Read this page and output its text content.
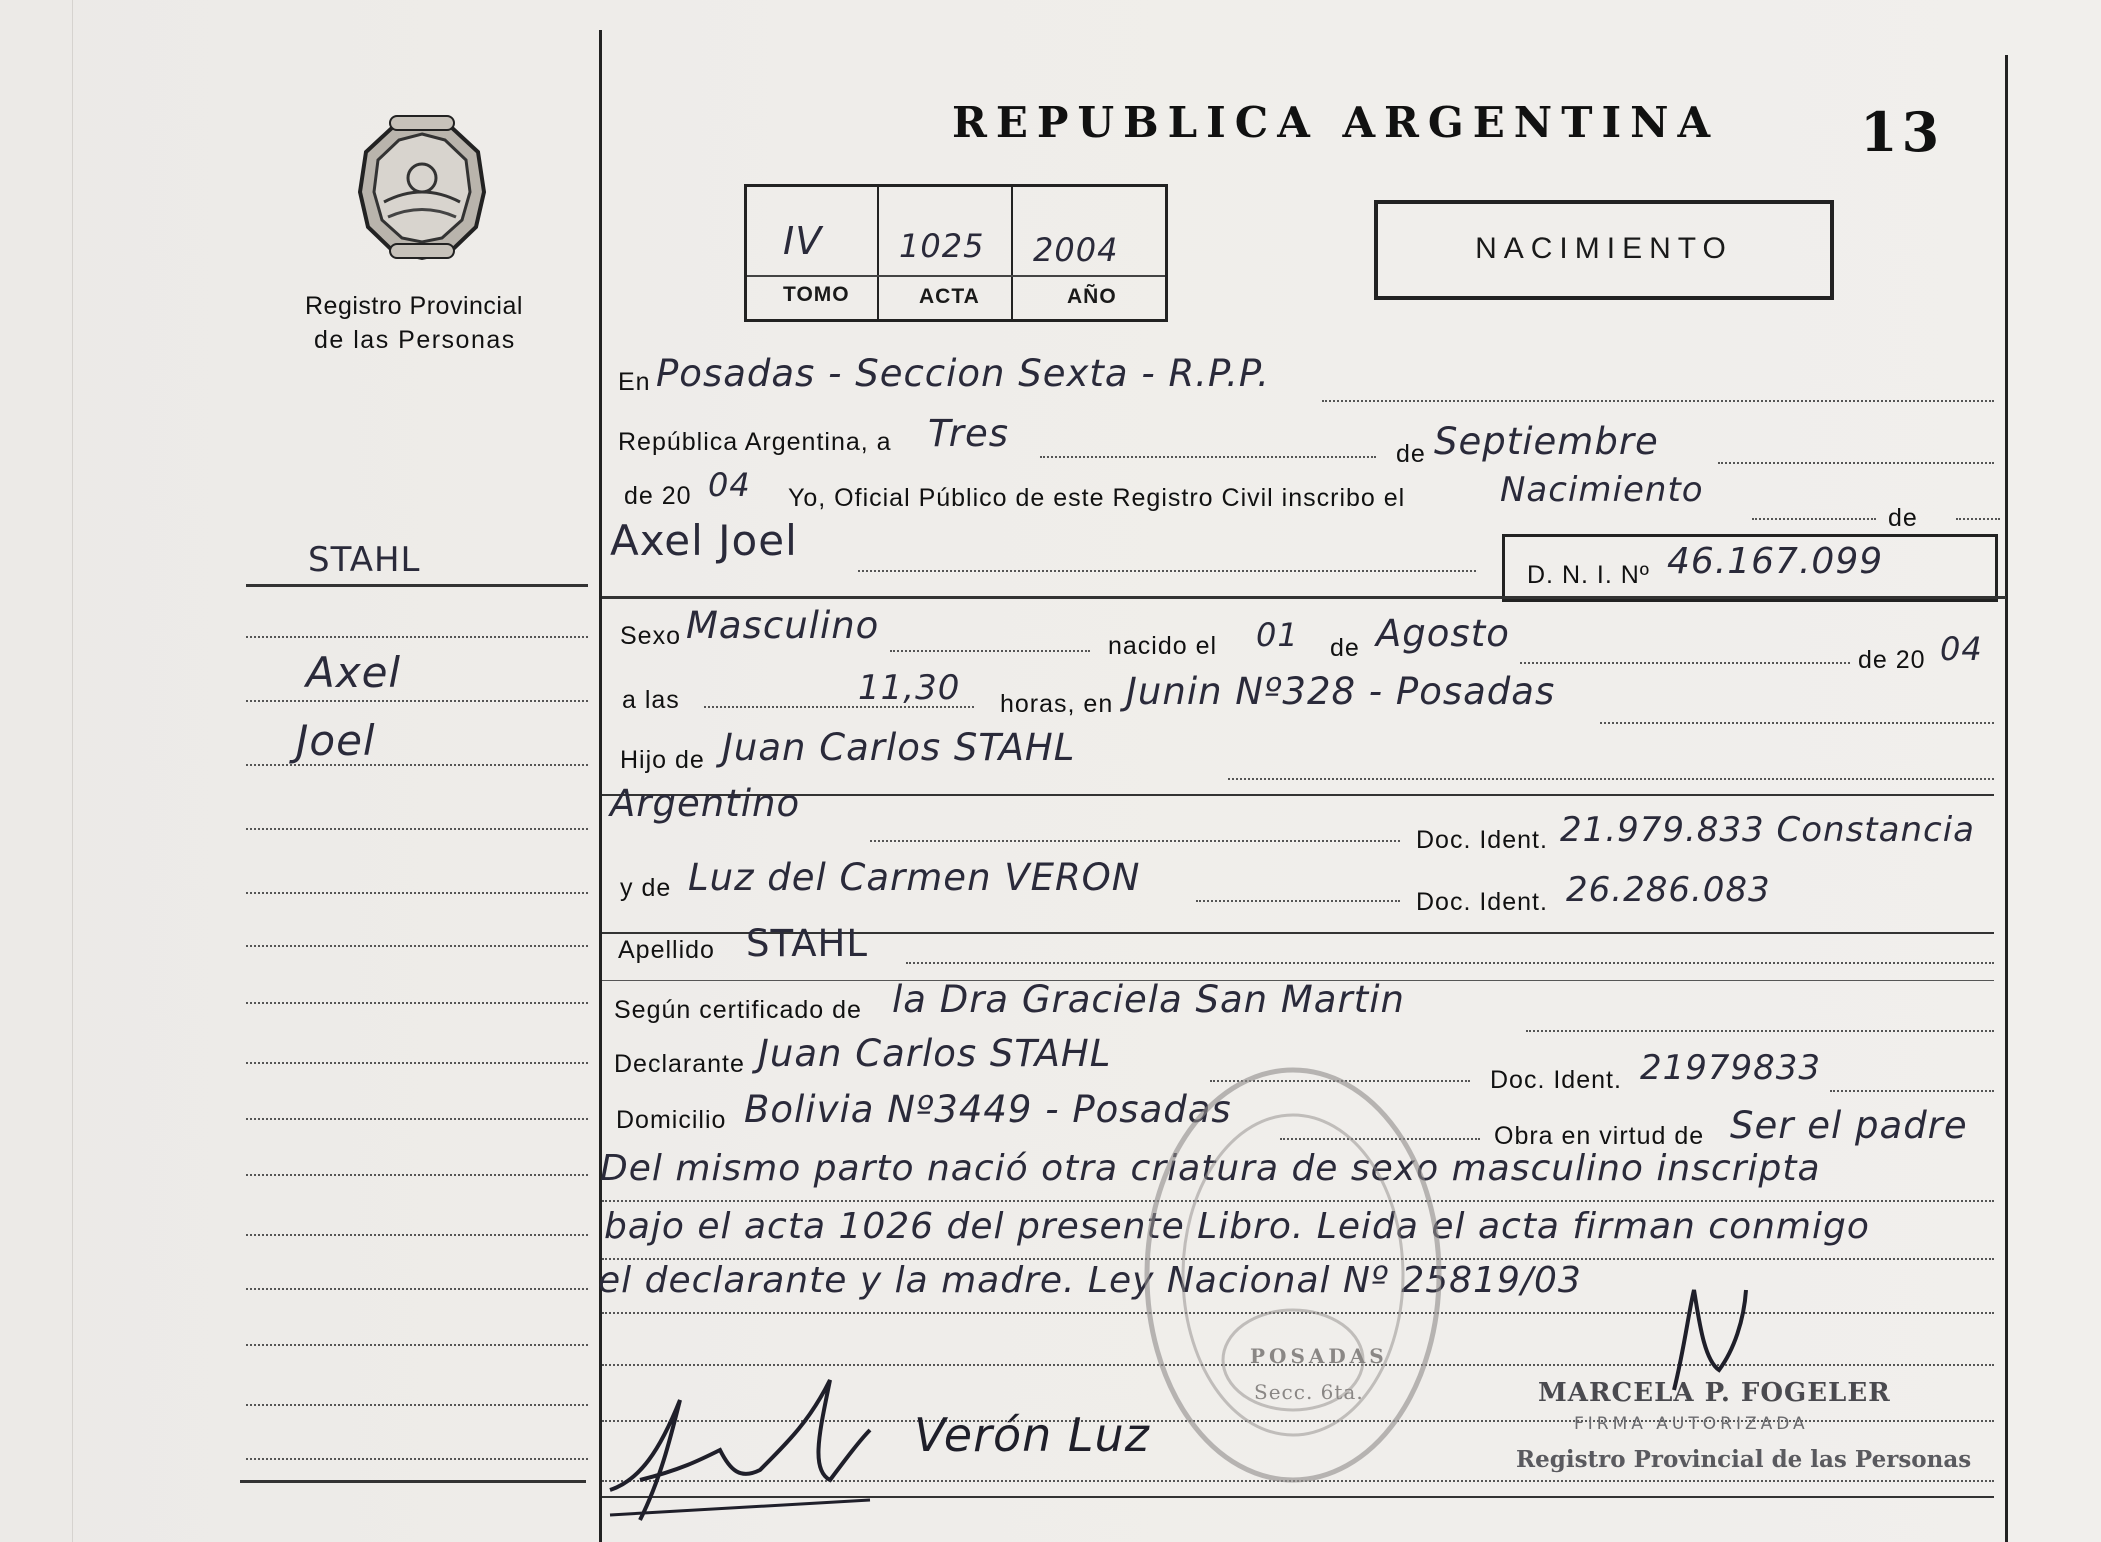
Registro Provincial
de las Personas
REPUBLICA ARGENTINA	13
IV 1025 2004
TOMO	ACTA	AÑO
NACIMIENTO
STAHL
Axel
Joel
En Posadas - Seccion Sexta - R.P.P.
República Argentina, a Tres	de Septiembre
de 20 04 Yo, Oficial Público de este Registro Civil inscribo el	Nacimiento
de
Axel Joel
D. N. I. Nº 46.167.099
Sexo Masculino	nacido el 01 de Agosto
de 20 04
a las	11,30 horas, en Junin Nº328 - Posadas
Hijo de Juan Carlos STAHL
Argentino
Doc. Ident. 21.979.833 Constancia
y de Luz del Carmen VERON
Doc. Ident. 26.286.083
Apellido STAHL
Según certificado de la Dra Graciela San Martin
Declarante Juan Carlos STAHL
Doc. Ident. 21979833
Domicilio Bolivia Nº3449 - Posadas
Obra en virtud de Ser el padre
Del mismo parto nació otra criatura de sexo masculino inscripta
bajo el acta 1026 del presente Libro. Leida el acta firman conmigo
el declarante y la madre. Ley Nacional Nº 25819/03
POSADAS
Secc. 6ta.	MARCELA P. FOGELER
FIRMA AUTORIZADA
Registro Provincial de las Personas
Verón Luz
